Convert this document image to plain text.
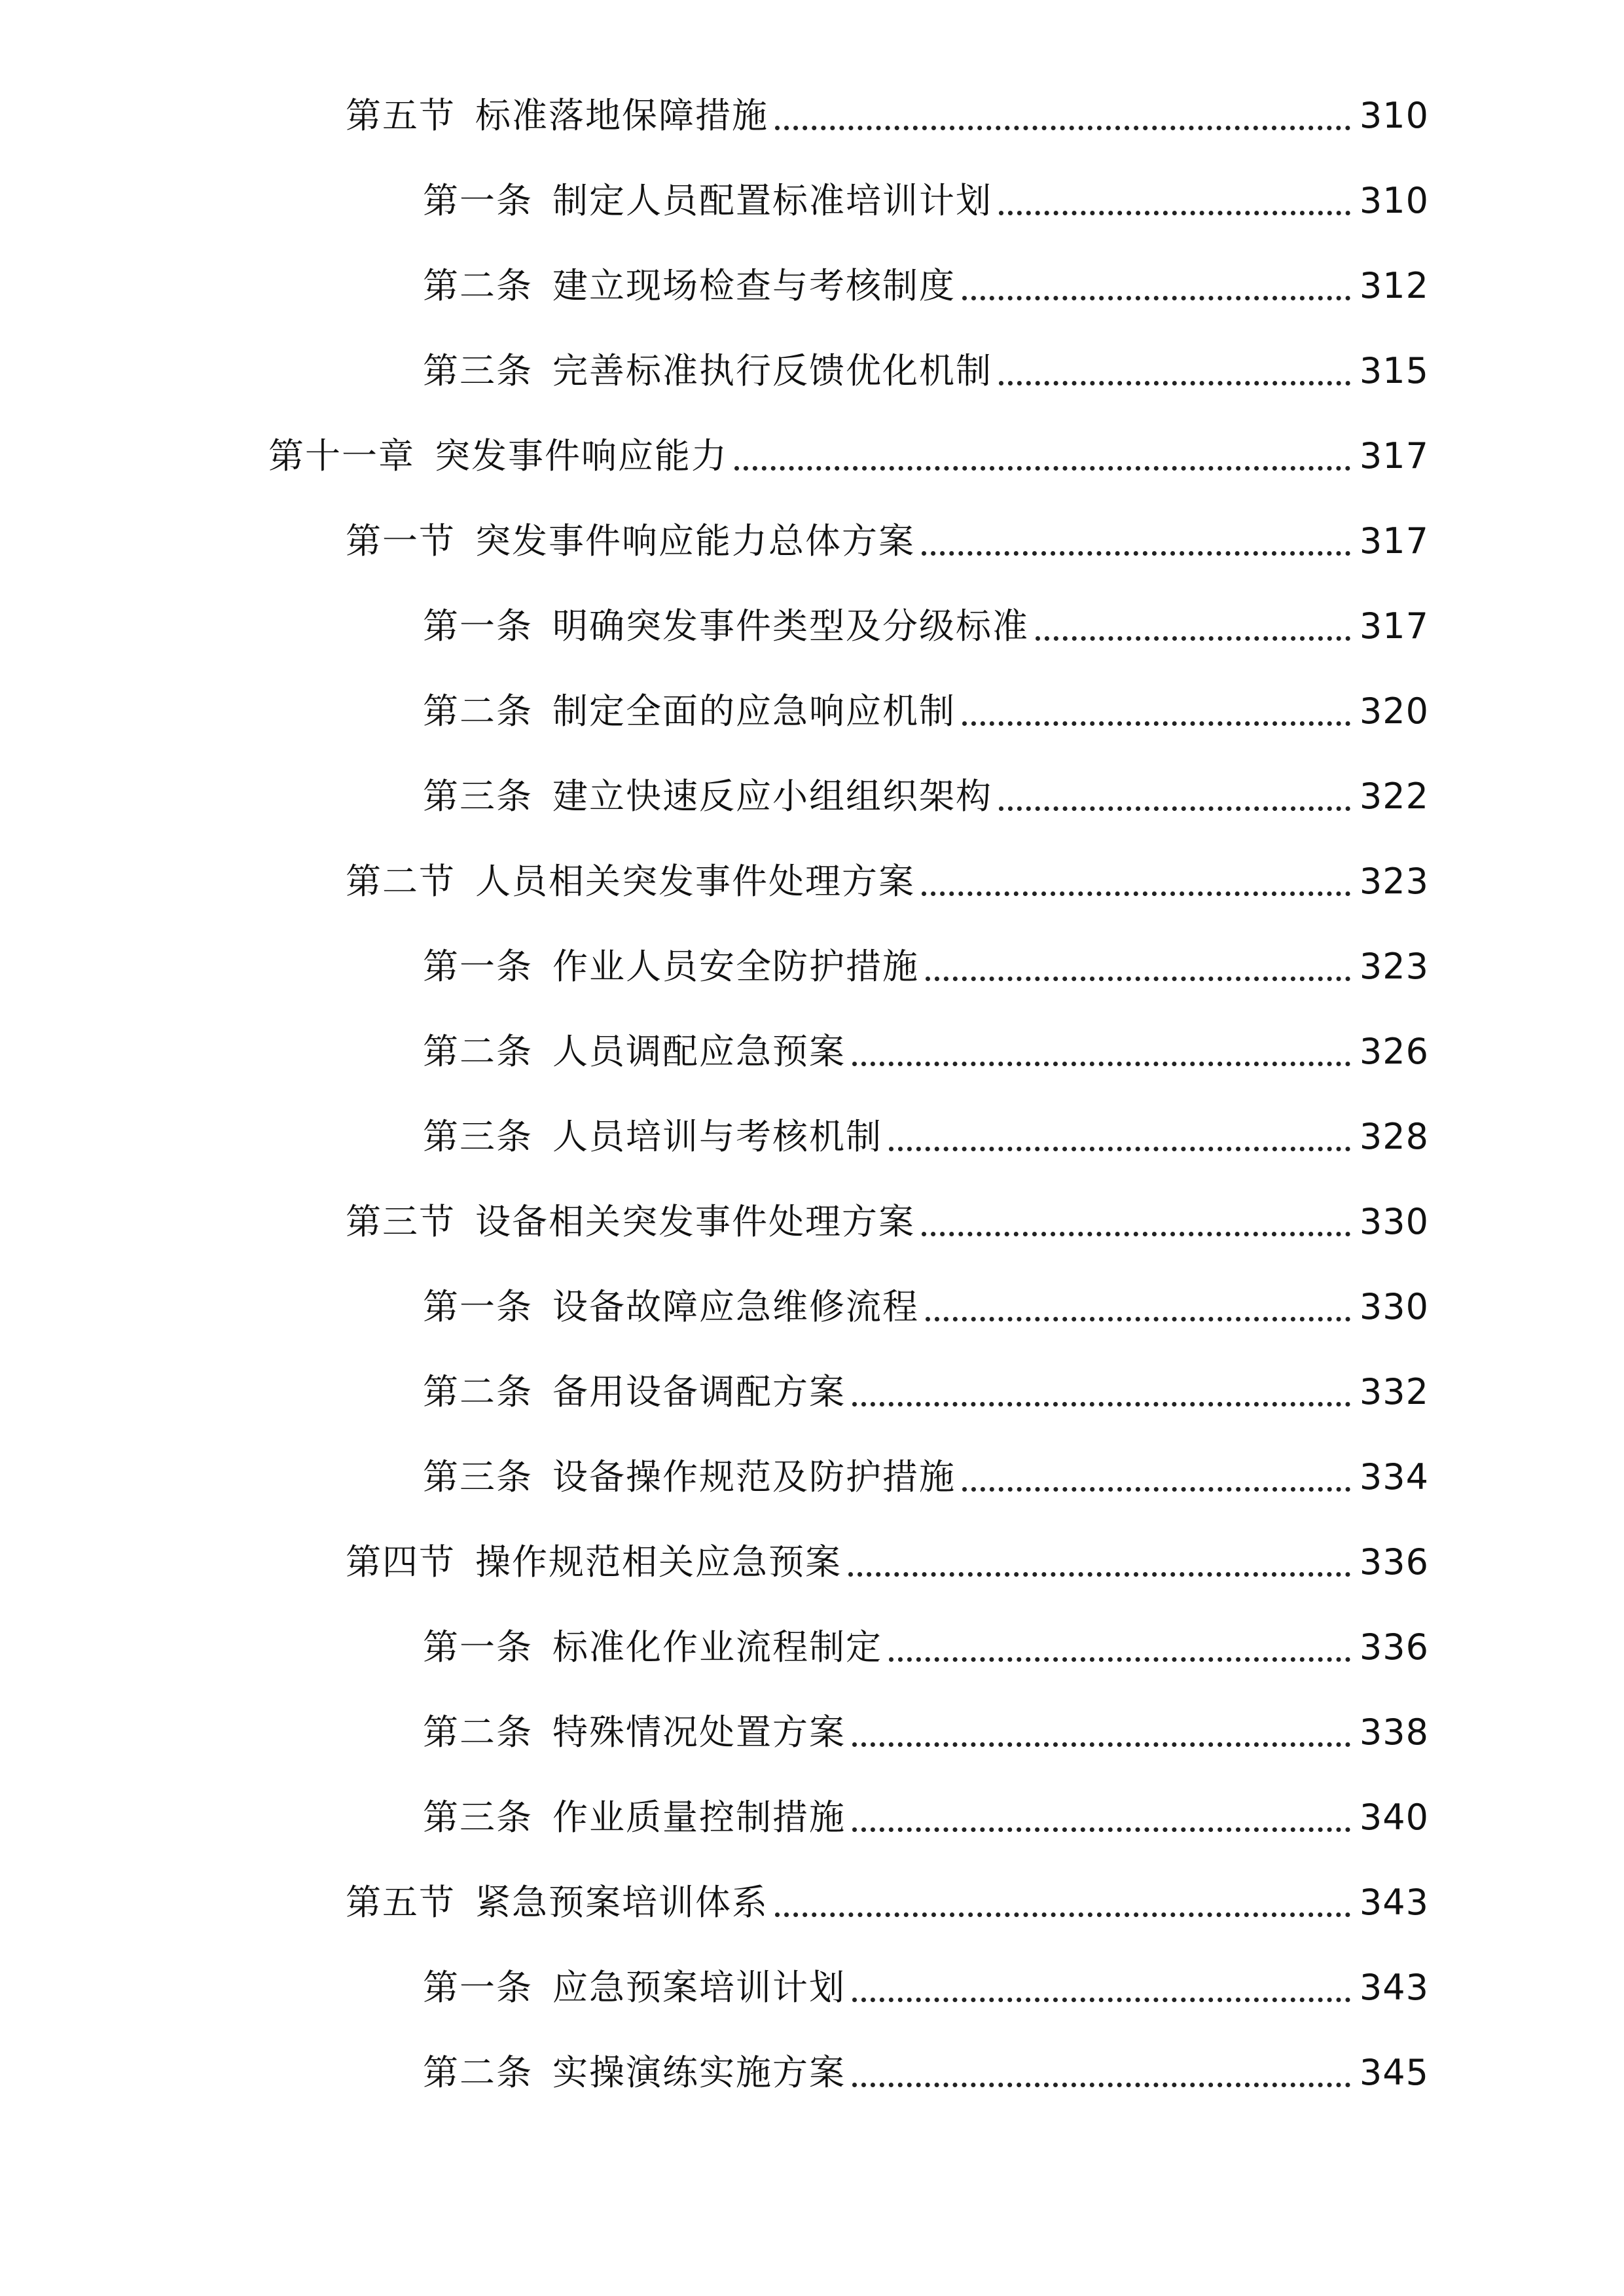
第五节 标准落地保障措施	310
第一条 制定人员配置标准培训计划	310
第二条 建立现场检查与考核制度	312
第三条 完善标准执行反馈优化机制	315
第十一章 突发事件响应能力	317
第一节 突发事件响应能力总体方案	317
第一条 明确突发事件类型及分级标准	317
第二条 制定全面的应急响应机制	320
第三条 建立快速反应小组组织架构	322
第二节 人员相关突发事件处理方案	323
第一条 作业人员安全防护措施	323
第二条 人员调配应急预案	326
第三条 人员培训与考核机制	328
第三节 设备相关突发事件处理方案	330
第一条 设备故障应急维修流程	330
第二条 备用设备调配方案	332
第三条 设备操作规范及防护措施	334
第四节 操作规范相关应急预案	336
第一条 标准化作业流程制定	336
第二条 特殊情况处置方案	338
第三条 作业质量控制措施	340
第五节 紧急预案培训体系	343
第一条 应急预案培训计划	343
第二条 实操演练实施方案	345
